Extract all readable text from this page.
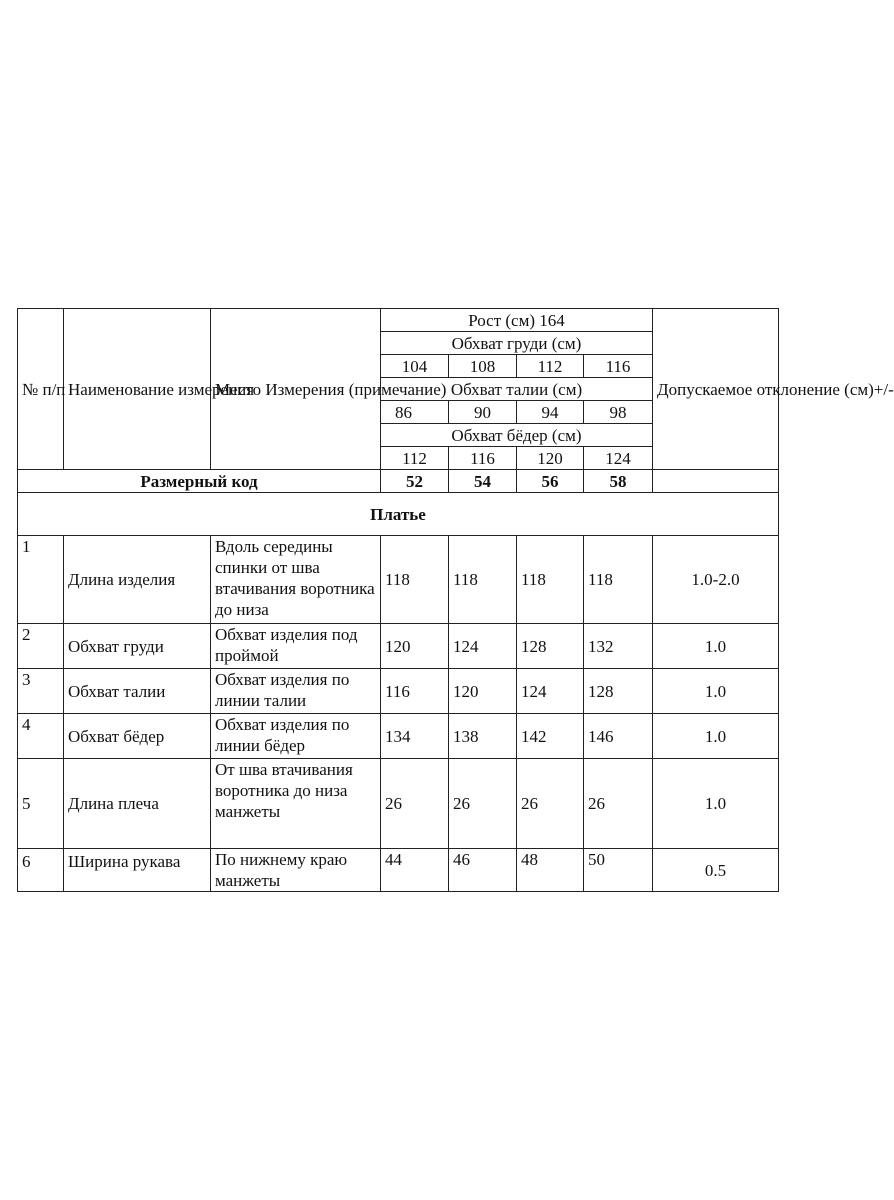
№ п/п	Наименование измерения	Место Измерения (примечание)	Рост (см) 164				Допускаемое отклонение (см)+/-
			Обхват груди (см)				
			104	108	112	116	
			Обхват талии (см)				
			86	90	94	98	
			Обхват бёдер (см)				
			112	116	120	124	
Размерный код			52	54	56	58	
Платье							
1	Длина изделия	Вдоль середины спинки от шва втачивания воротника до низа	118	118	118	118	1.0-2.0
2	Обхват груди	Обхват изделия под проймой	120	124	128	132	1.0
3	Обхват талии	Обхват изделия по линии талии	116	120	124	128	1.0
4	Обхват бёдер	Обхват изделия по линии бёдер	134	138	142	146	1.0
5	Длина плеча	От шва втачивания воротника до низа манжеты	26	26	26	26	1.0
6	Ширина рукава	По нижнему краю манжеты	44	46	48	50	0.5
